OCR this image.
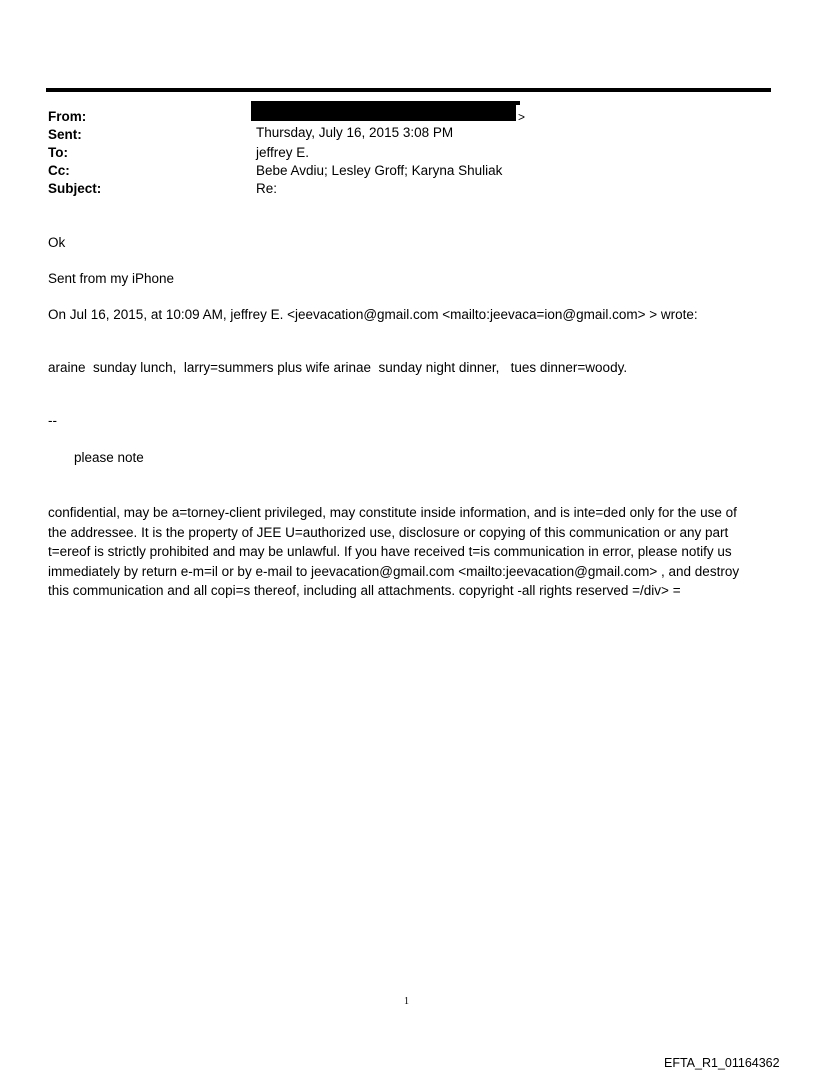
From:	>
Sent:	Thursday, July 16, 2015 3:08 PM
To:	jeffrey E.
Cc:	Bebe Avdiu; Lesley Groff; Karyna Shuliak
Subject:	Re:
Ok
Sent from my iPhone
On Jul 16, 2015, at 10:09 AM, jeffrey E. <jeevacation@gmail.com <mailto:jeevaca=ion@gmail.com> > wrote:
araine  sunday lunch,  larry=summers plus wife arinae  sunday night dinner,   tues dinner=woody.
--
please note
confidential, may be a=torney-client privileged, may constitute inside information, and is inte=ded only for the use of
the addressee. It is the property of JEE U=authorized use, disclosure or copying of this communication or any part
t=ereof is strictly prohibited and may be unlawful. If you have received t=is communication in error, please notify us
immediately by return e-m=il or by e-mail to jeevacation@gmail.com <mailto:jeevacation@gmail.com> , and destroy
this communication and all copi=s thereof, including all attachments. copyright -all rights reserved =/div> =
1
EFTA_R1_01164362
